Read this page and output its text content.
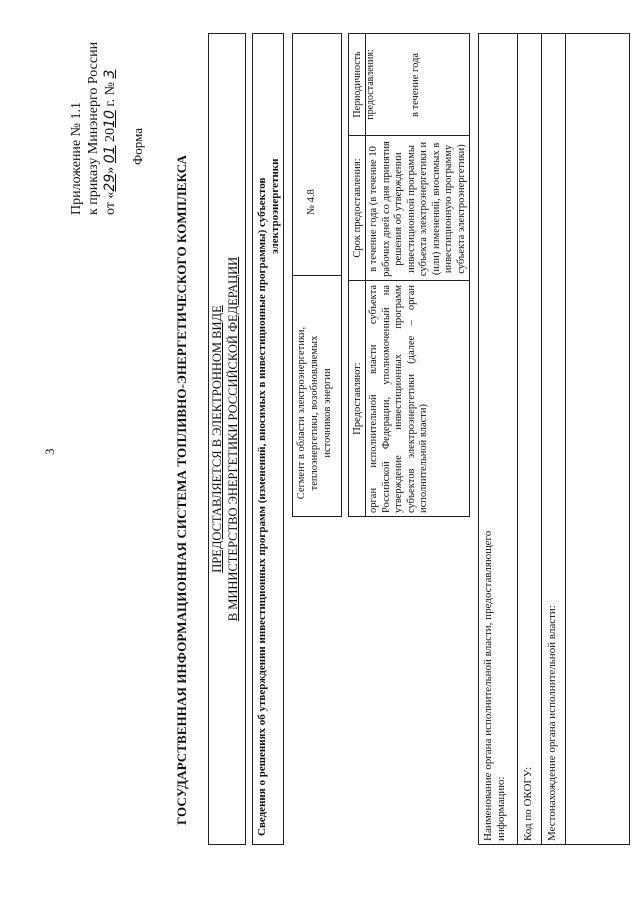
3
Приложение № 1.1 к приказу Минэнерго России от «29» 01 2010 г. № 3
Форма
ГОСУДАРСТВЕННАЯ ИНФОРМАЦИОННАЯ СИСТЕМА ТОПЛИВНО-ЭНЕРГЕТИЧЕСКОГО КОМПЛЕКСА ПРЕДОСТАВЛЯЕТСЯ В ЭЛЕКТРОННОМ ВИДЕ В МИНИСТЕРСТВО ЭНЕРГЕТИКИ РОССИЙСКОЙ ФЕДЕРАЦИИ Сведения о решениях об утверждении инвестиционных программ (изменений, вносимых в инвестиционные программы) субъектов электроэнергетики
Сегмент в области электроэнергетики, теплоэнергетики, возобновляемых источников энергии
№ 4.8
Предоставляют:
Срок предоставления:
Периодичность предоставления:
орган исполнительной власти субъекта Российской Федерации, уполномоченный на утверждение инвестиционных программ субъектов электроэнергетики (далее – орган исполнительной власти)
в течение года (в течение 10 рабочих дней со дня принятия решения об утверждении инвестиционной программы субъекта электроэнергетики и (или) изменений, вносимых в инвестиционную программу субъекта электроэнергетики)
в течение года
Наименование органа исполнительной власти, предоставляющего информацию: Код по ОКОГУ: Местонахождение органа исполнительной власти:
